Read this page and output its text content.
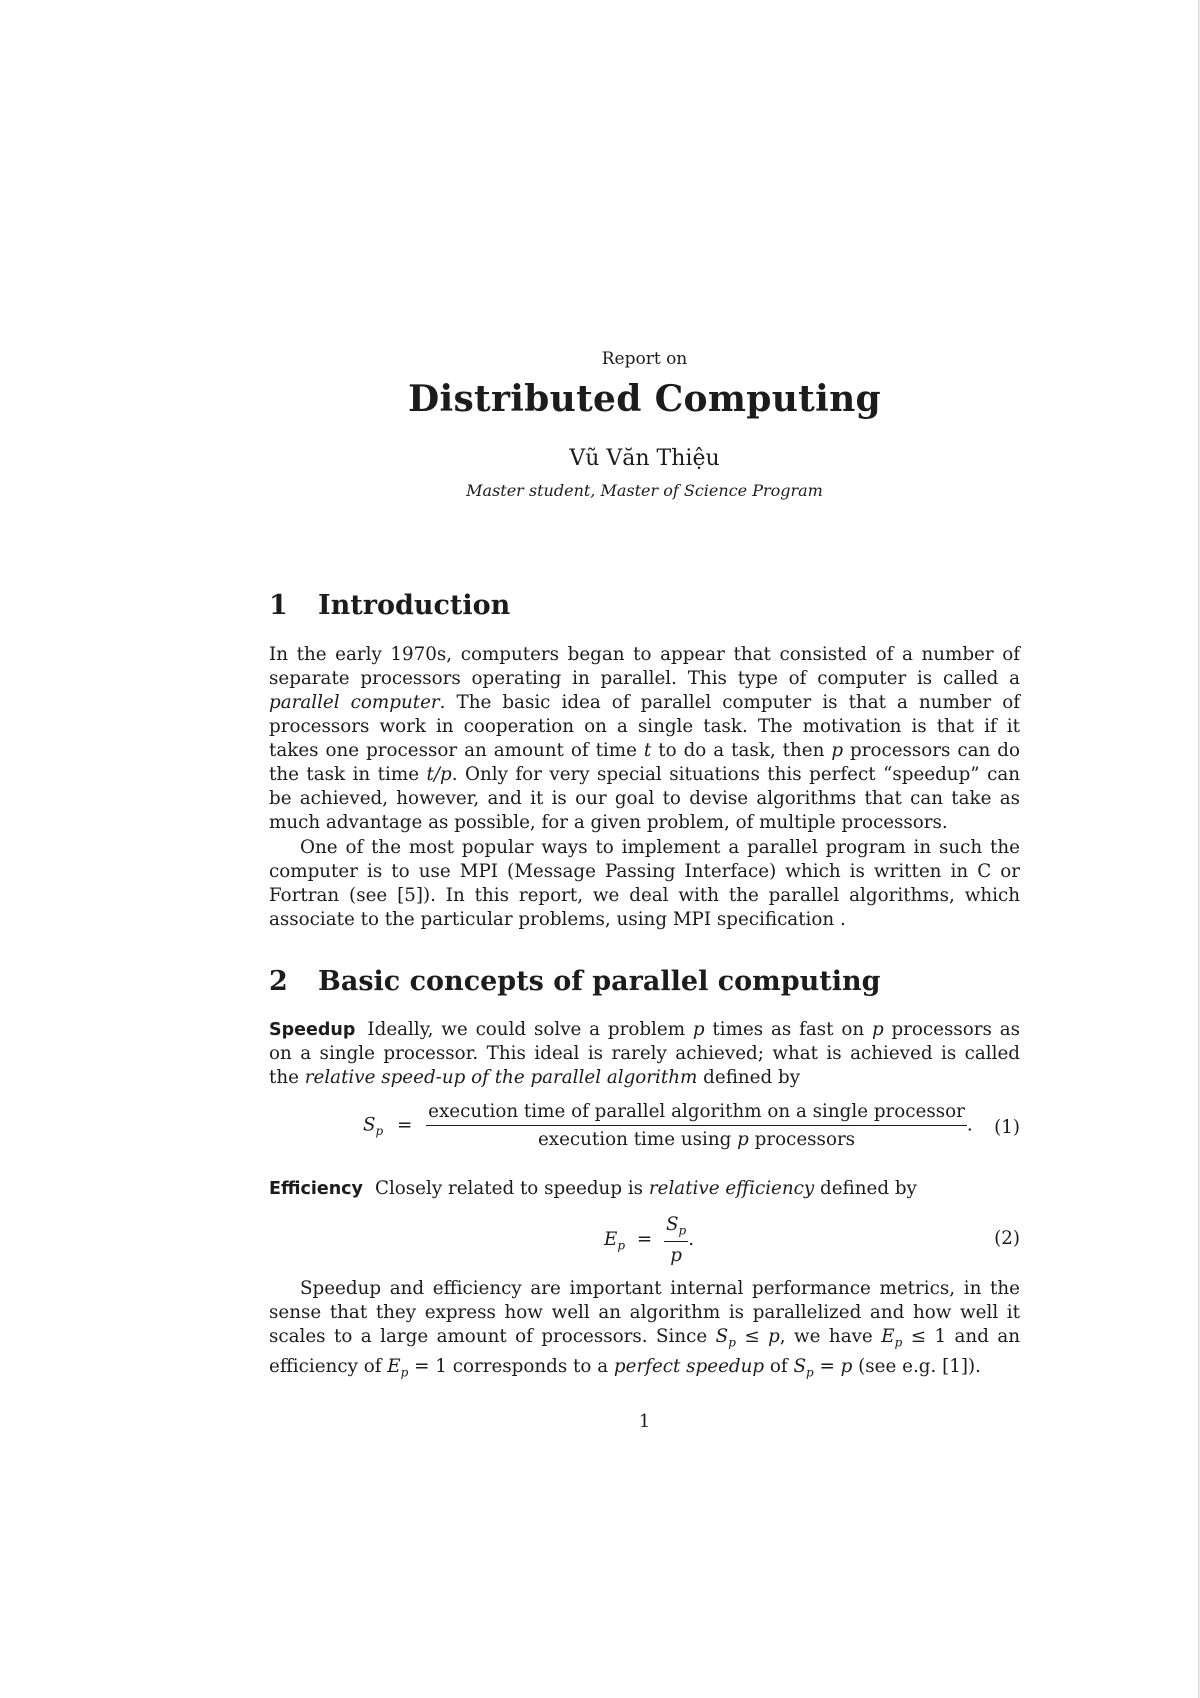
Report on
Distributed Computing
Vũ Văn Thiệu
Master student, Master of Science Program
1 Introduction
In the early 1970s, computers began to appear that consisted of a number of separate processors operating in parallel. This type of computer is called a parallel computer. The basic idea of parallel computer is that a number of processors work in cooperation on a single task. The motivation is that if it takes one processor an amount of time t to do a task, then p processors can do the task in time t/p. Only for very special situations this perfect “speedup” can be achieved, however, and it is our goal to devise algorithms that can take as much advantage as possible, for a given problem, of multiple processors.
One of the most popular ways to implement a parallel program in such the computer is to use MPI (Message Passing Interface) which is written in C or Fortran (see [5]). In this report, we deal with the parallel algorithms, which associate to the particular problems, using MPI specification .
2 Basic concepts of parallel computing
Speedup Ideally, we could solve a problem p times as fast on p processors as on a single processor. This ideal is rarely achieved; what is achieved is called the relative speed-up of the parallel algorithm defined by
$S_p = \frac{\text{execution time of parallel algorithm on a single processor}}{\text{execution time using p processors}}$ . (1)
Efficiency Closely related to speedup is relative efficiency defined by
$E_p = \frac{S_p}{p}$ .	(2)
Speedup and efficiency are important internal performance metrics, in the sense that they express how well an algorithm is parallelized and how well it scales to a large amount of processors. Since $S_p \le p$, we have $E_p \le 1$ and an efficiency of $E_p = 1$ corresponds to a perfect speedup of $S_p = p$ (see e.g. [1]).
1
